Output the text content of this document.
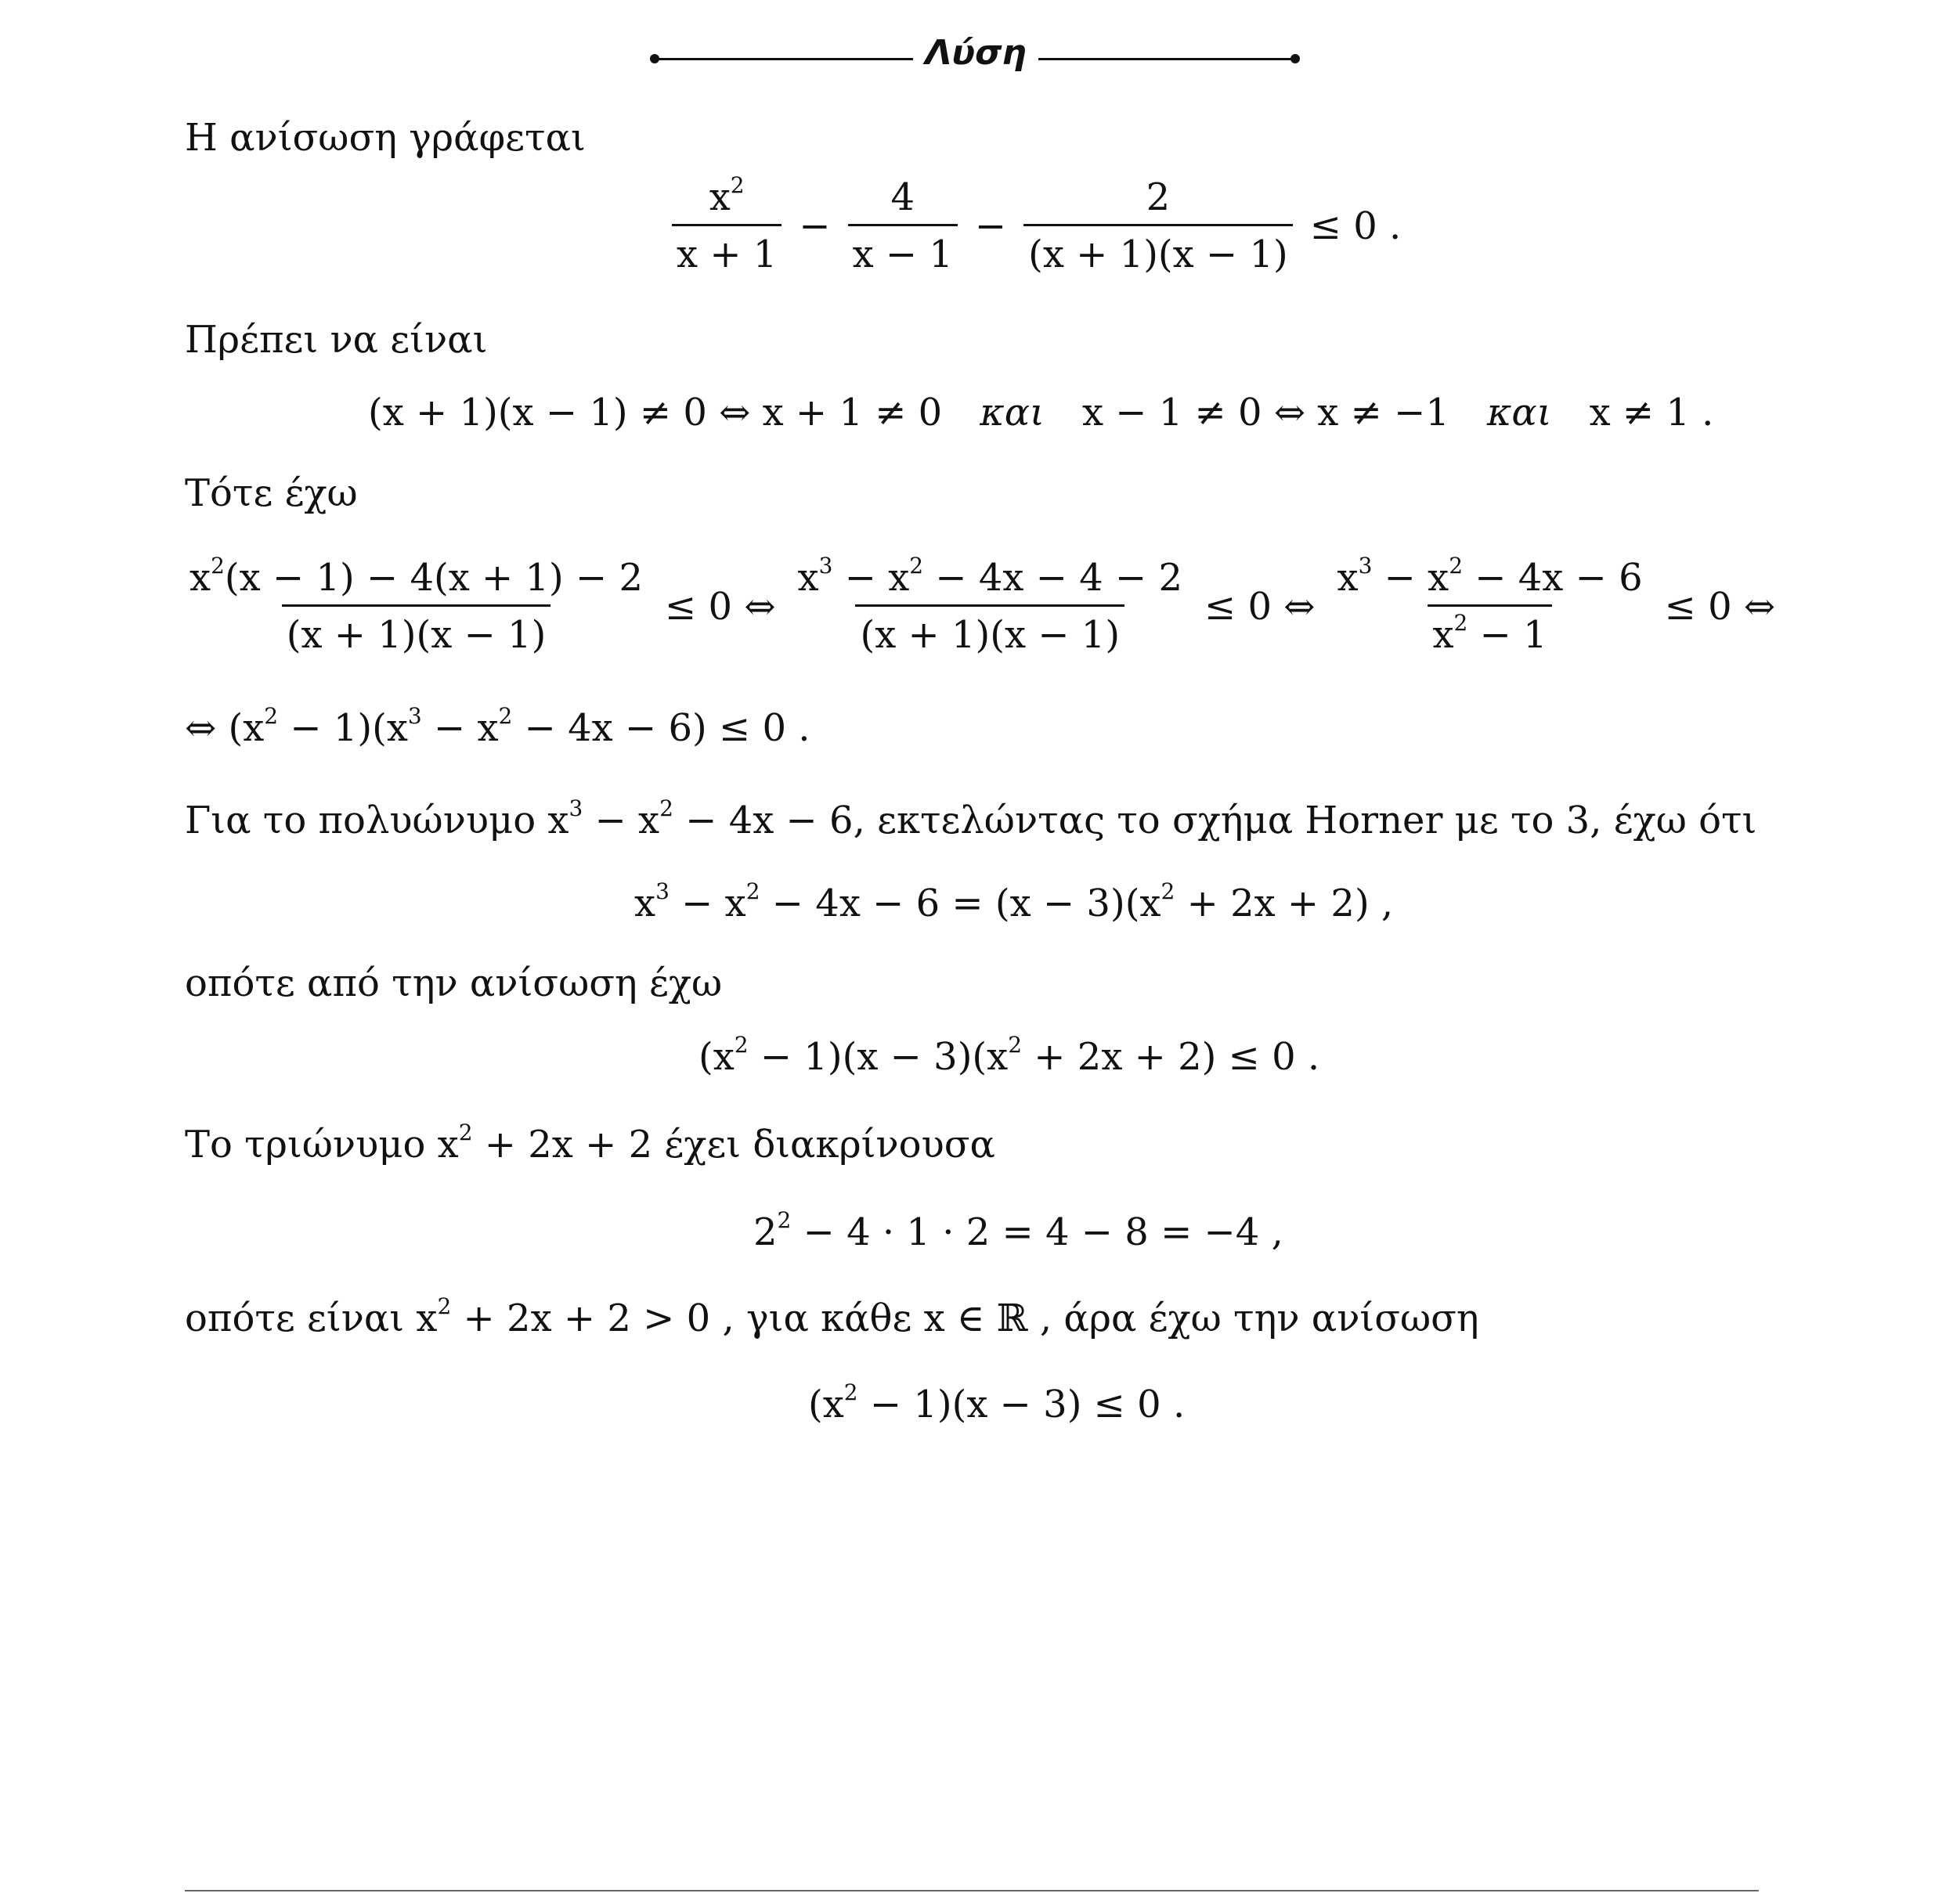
Λύση
Η ανίσωση γράφεται
$\frac{x^2}{x + 1} - \frac{4}{x - 1} - \frac{2}{(x + 1)(x - 1)} \le 0$ .
Πρέπει να είναι
(x + 1)(x − 1) ≠ 0 ⇔ x + 1 ≠ 0 και x − 1 ≠ 0 ⇔ x ≠ −1 και x ≠ 1 .
Τότε έχω
$\frac{x^2(x - 1) - 4(x + 1) - 2}{(x + 1)(x - 1)} \le 0$ ⇔ $\frac{x^3 - x^2 - 4x - 4 - 2}{(x + 1)(x - 1)} \le 0$ ⇔ $\frac{x^3 - x^2 - 4x - 6}{x^2 - 1} \le 0$ ⇔
⇔ $(x^2 - 1)(x^3 - x^2 - 4x - 6) \le 0$ .
Για το πολυώνυμο $x^3 - x^2 - 4x - 6$, εκτελώντας το σχήμα Horner με το 3, έχω ότι
$x^3 - x^2 - 4x - 6 = (x - 3)(x^2 + 2x + 2)$ ,
οπότε από την ανίσωση έχω
$(x^2 - 1)(x - 3)(x^2 + 2x + 2) \le 0$ .
Το τριώνυμο $x^2 + 2x + 2$ έχει διακρίνουσα
$2^2 - 4 \cdot 1 \cdot 2 = 4 - 8 = -4$ ,
οπότε είναι $x^2 + 2x + 2 > 0$ , για κάθε x ∈ ℝ , άρα έχω την ανίσωση
$(x^2 - 1)(x - 3) \le 0$ .
